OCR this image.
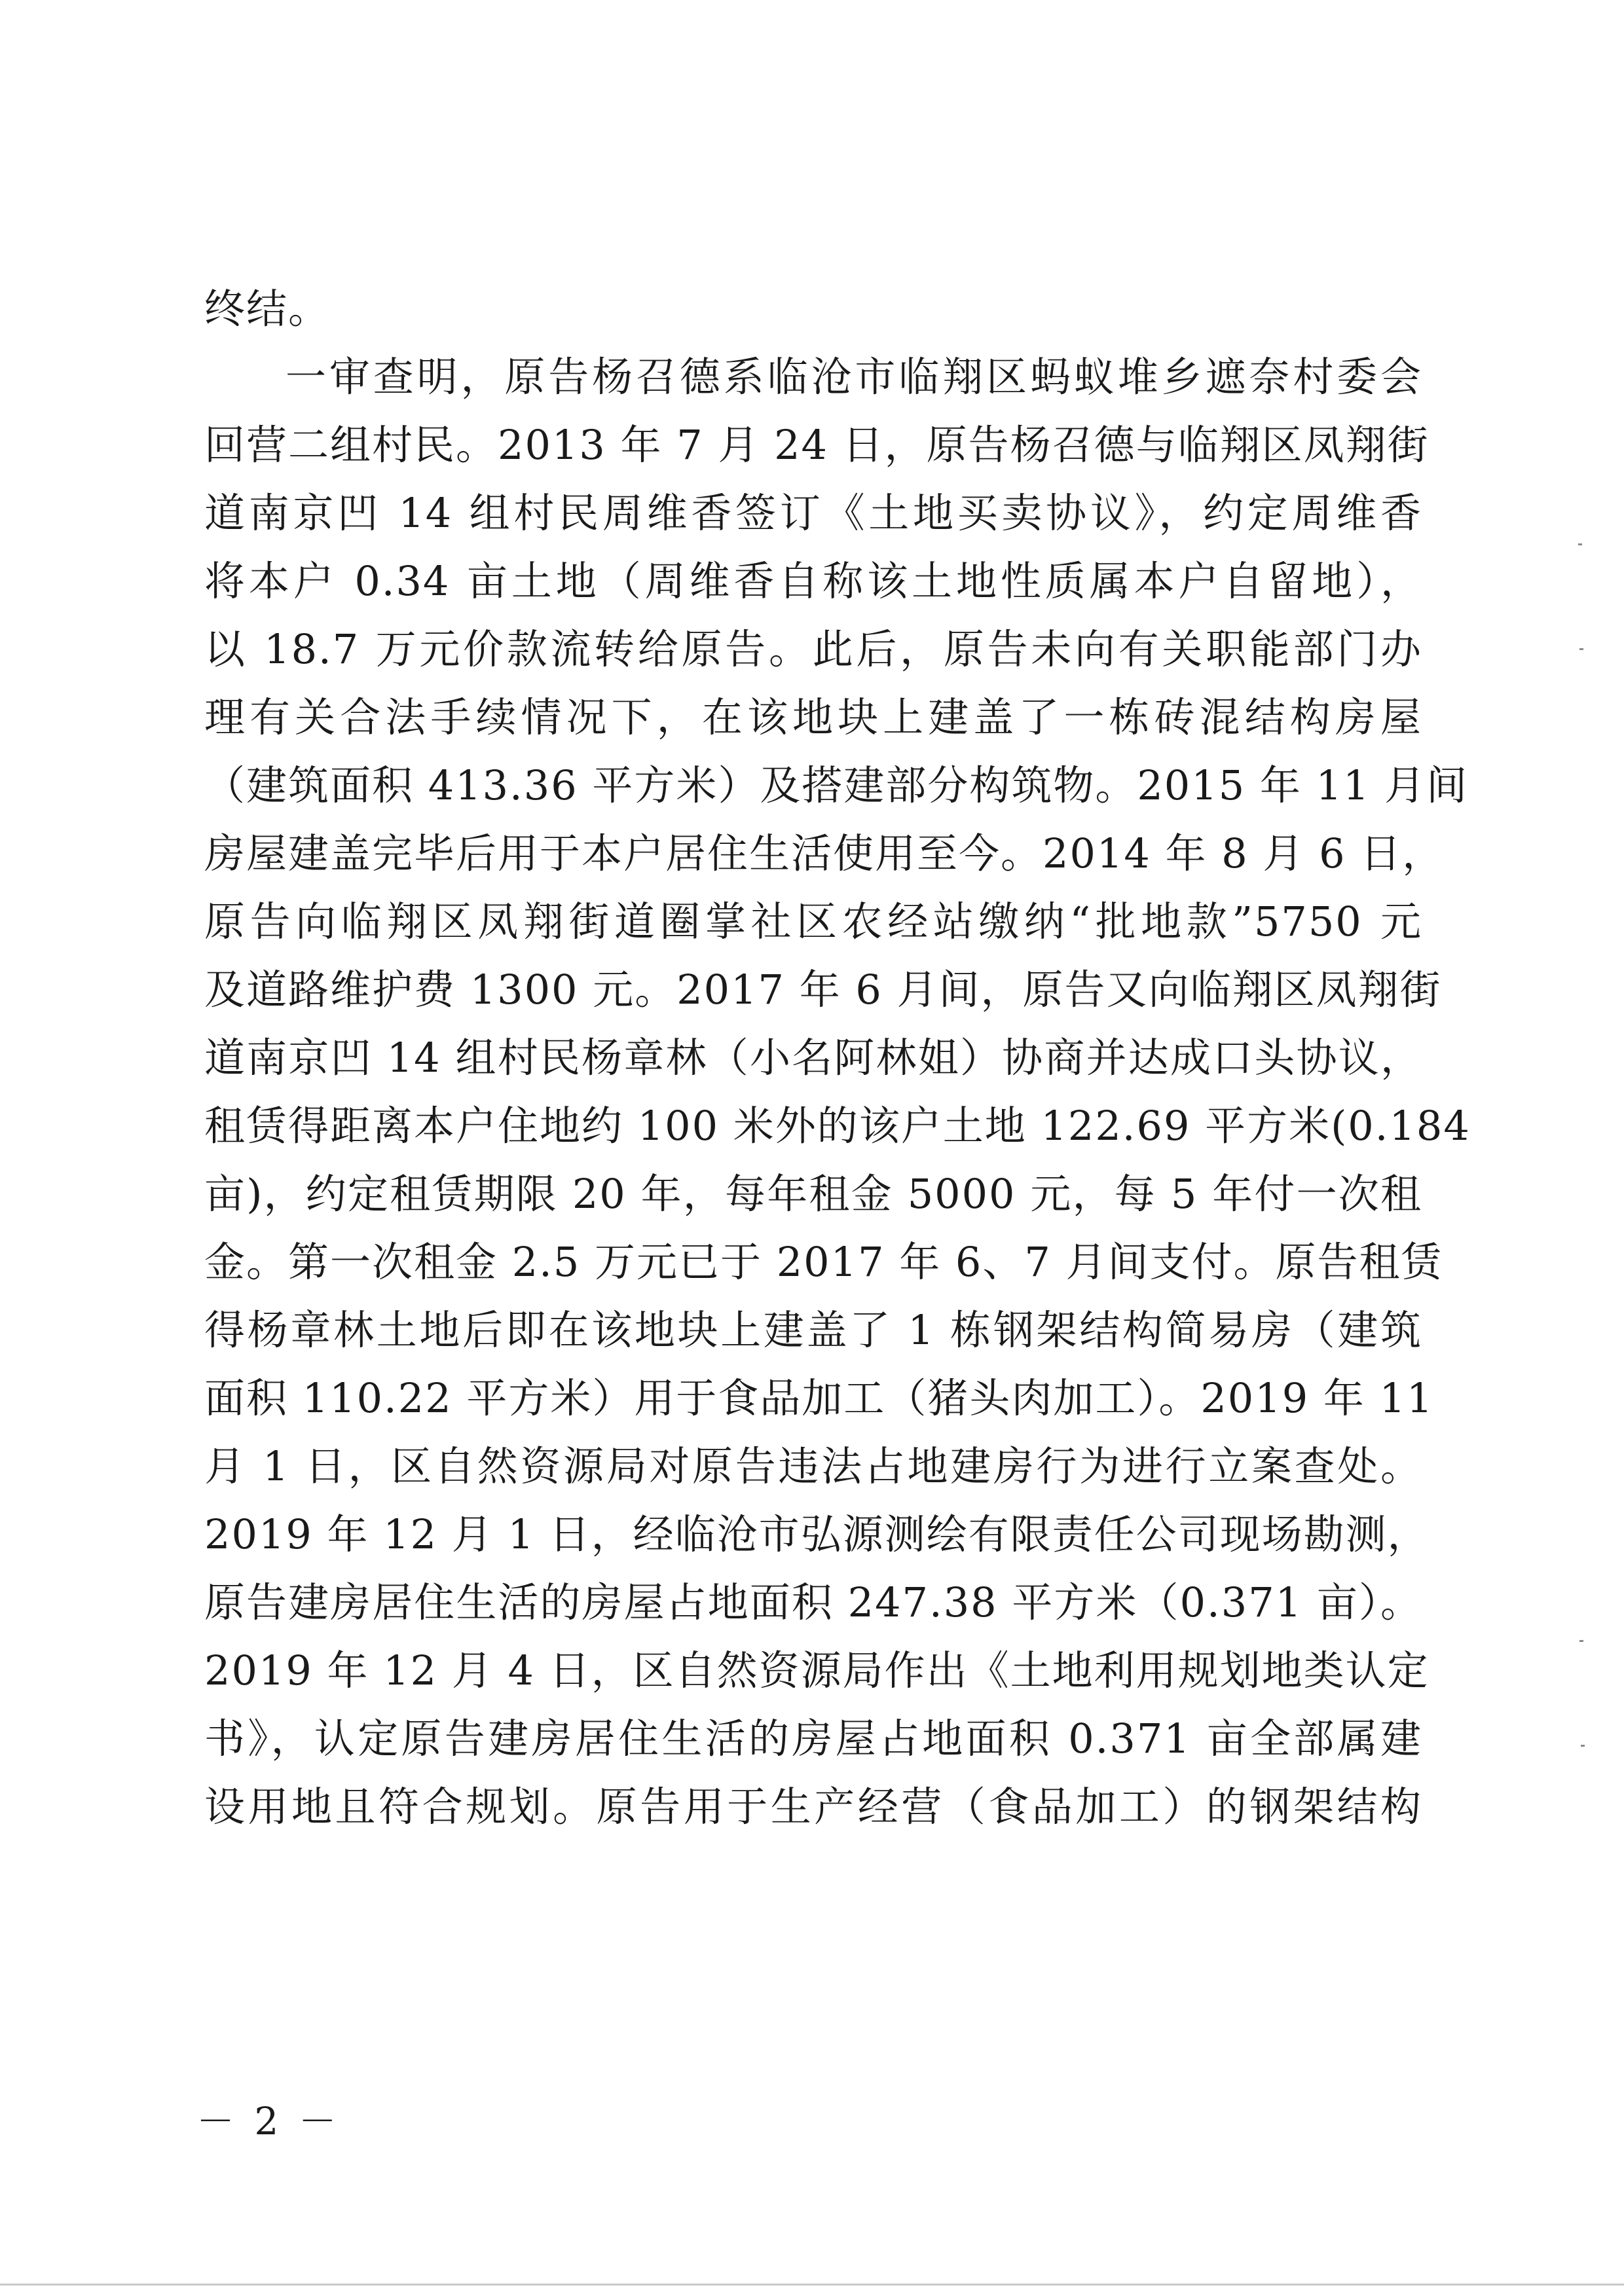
终结。
一审查明，原告杨召德系临沧市临翔区蚂蚁堆乡遮奈村委会
回营二组村民。2013 年 7 月 24 日，原告杨召德与临翔区凤翔街
道南京凹 14 组村民周维香签订《土地买卖协议》，约定周维香
将本户 0.34 亩土地（周维香自称该土地性质属本户自留地），
以 18.7 万元价款流转给原告。此后，原告未向有关职能部门办
理有关合法手续情况下，在该地块上建盖了一栋砖混结构房屋
（建筑面积 413.36 平方米）及搭建部分构筑物。2015 年 11 月间
房屋建盖完毕后用于本户居住生活使用至今。2014 年 8 月 6 日，
原告向临翔区凤翔街道圈掌社区农经站缴纳“批地款”5750 元
及道路维护费 1300 元。2017 年 6 月间，原告又向临翔区凤翔街
道南京凹 14 组村民杨章林（小名阿林姐）协商并达成口头协议，
租赁得距离本户住地约 100 米外的该户土地 122.69 平方米(0.184
亩)，约定租赁期限 20 年，每年租金 5000 元，每 5 年付一次租
金。第一次租金 2.5 万元已于 2017 年 6、7 月间支付。原告租赁
得杨章林土地后即在该地块上建盖了 1 栋钢架结构简易房（建筑
面积 110.22 平方米）用于食品加工（猪头肉加工）。2019 年 11
月 1 日，区自然资源局对原告违法占地建房行为进行立案查处。
2019 年 12 月 1 日，经临沧市弘源测绘有限责任公司现场勘测，
原告建房居住生活的房屋占地面积 247.38 平方米（0.371 亩）。
2019 年 12 月 4 日，区自然资源局作出《土地利用规划地类认定
书》，认定原告建房居住生活的房屋占地面积 0.371 亩全部属建
设用地且符合规划。原告用于生产经营（食品加工）的钢架结构
－ 2 －
